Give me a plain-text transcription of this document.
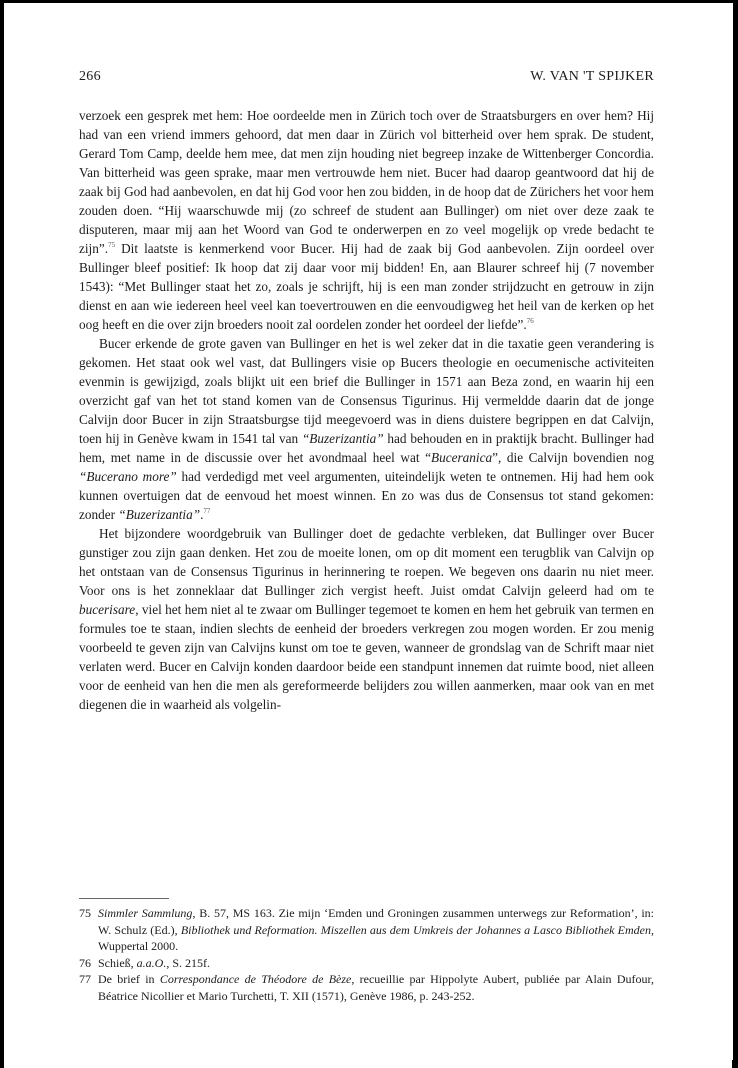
266	W. VAN 'T SPIJKER

verzoek een gesprek met hem: Hoe oordeelde men in Zürich toch over de Straatsburgers en over hem? Hij had van een vriend immers gehoord, dat men daar in Zürich vol bitterheid over hem sprak. De student, Gerard Tom Camp, deelde hem mee, dat men zijn houding niet begreep inzake de Wittenberger Concordia. Van bitterheid was geen sprake, maar men vertrouwde hem niet. Bucer had daarop geantwoord dat hij de zaak bij God had aanbevolen, en dat hij God voor hen zou bidden, in de hoop dat de Zürichers het voor hem zouden doen. “Hij waarschuwde mij (zo schreef de student aan Bullinger) om niet over deze zaak te disputeren, maar mij aan het Woord van God te onderwerpen en zo veel mogelijk op vrede bedacht te zijn”.$^{75}$ Dit laatste is kenmerkend voor Bucer. Hij had de zaak bij God aanbevolen. Zijn oordeel over Bullinger bleef positief: Ik hoop dat zij daar voor mij bidden! En, aan Blaurer schreef hij (7 november 1543): “Met Bullinger staat het zo, zoals je schrijft, hij is een man zonder strijdzucht en getrouw in zijn dienst en aan wie iedereen heel veel kan toevertrouwen en die eenvoudigweg het heil van de kerken op het oog heeft en die over zijn broeders nooit zal oordelen zonder het oordeel der liefde”.$^{76}$

Bucer erkende de grote gaven van Bullinger en het is wel zeker dat in die taxatie geen verandering is gekomen. Het staat ook wel vast, dat Bullingers visie op Bucers theologie en oecumenische activiteiten evenmin is gewijzigd, zoals blijkt uit een brief die Bullinger in 1571 aan Beza zond, en waarin hij een overzicht gaf van het tot stand komen van de Consensus Tigurinus. Hij vermeldde daarin dat de jonge Calvijn door Bucer in zijn Straatsburgse tijd meegevoerd was in diens duistere begrippen en dat Calvijn, toen hij in Genève kwam in 1541 tal van “Buzerizantia” had behouden en in praktijk bracht. Bullinger had hem, met name in de discussie over het avondmaal heel wat “Buceranica”, die Calvijn bovendien nog “Bucerano more” had verdedigd met veel argumenten, uiteindelijk weten te ontnemen. Hij had hem ook kunnen overtuigen dat de eenvoud het moest winnen. En zo was dus de Consensus tot stand gekomen: zonder “Buzerizantia”.$^{77}$

Het bijzondere woordgebruik van Bullinger doet de gedachte verbleken, dat Bullinger over Bucer gunstiger zou zijn gaan denken. Het zou de moeite lonen, om op dit moment een terugblik van Calvijn op het ontstaan van de Consensus Tigurinus in herinnering te roepen. We begeven ons daarin nu niet meer. Voor ons is het zonneklaar dat Bullinger zich vergist heeft. Juist omdat Calvijn geleerd had om te bucerisare, viel het hem niet al te zwaar om Bullinger tegemoet te komen en hem het gebruik van termen en formules toe te staan, indien slechts de eenheid der broeders verkregen zou mogen worden. Er zou menig voorbeeld te geven zijn van Calvijns kunst om toe te geven, wanneer de grondslag van de Schrift maar niet verlaten werd. Bucer en Calvijn konden daardoor beide een standpunt innemen dat ruimte bood, niet alleen voor de eenheid van hen die men als gereformeerde belijders zou willen aanmerken, maar ook van en met diegenen die in waarheid als volgelin-

75 Simmler Sammlung, B. 57, MS 163. Zie mijn ‘Emden und Groningen zusammen unterwegs zur Reformation’, in: W. Schulz (Ed.), Bibliothek und Reformation. Miszellen aus dem Umkreis der Johannes a Lasco Bibliothek Emden, Wuppertal 2000.
76 Schieß, a.a.O., S. 215f.
77 De brief in Correspondance de Théodore de Bèze, recueillie par Hippolyte Aubert, publiée par Alain Dufour, Béatrice Nicollier et Mario Turchetti, T. XII (1571), Genève 1986, p. 243-252.
